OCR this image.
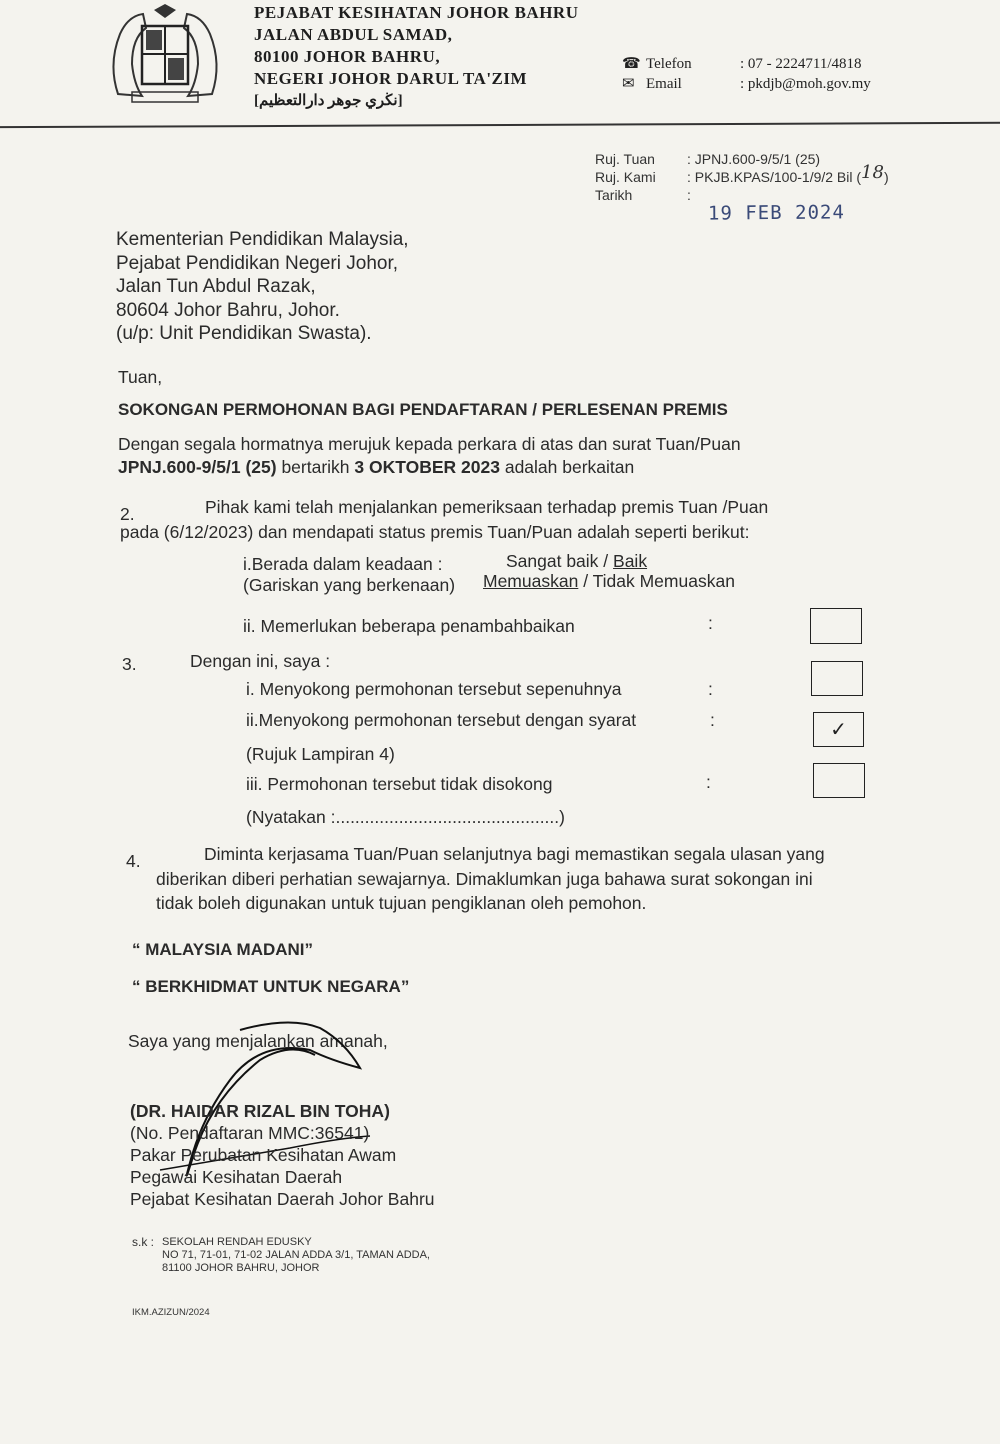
PEJABAT KESIHATAN JOHOR BAHRU
JALAN ABDUL SAMAD,
80100 JOHOR BAHRU,
NEGERI JOHOR DARUL TA'ZIM
[نڬري جوهر دارالتعظيم]
☎ Telefon	: 07 - 2224711/4818
✉ Email	: pkdjb@moh.gov.my
Ruj. Tuan	: JPNJ.600-9/5/1 (25)
Ruj. Kami	: PKJB.KPAS/100-1/9/2 Bil ( 18 )
Tarikh	:
19 FEB 2024
Kementerian Pendidikan Malaysia,
Pejabat Pendidikan Negeri Johor,
Jalan Tun Abdul Razak,
80604 Johor Bahru, Johor.
(u/p: Unit Pendidikan Swasta).
Tuan,
SOKONGAN PERMOHONAN BAGI PENDAFTARAN / PERLESENAN PREMIS
Dengan segala hormatnya merujuk kepada perkara di atas dan surat Tuan/Puan
JPNJ.600-9/5/1 (25) bertarikh 3 OKTOBER 2023 adalah berkaitan
2.	Pihak kami telah menjalankan pemeriksaan terhadap premis Tuan /Puan
pada (6/12/2023) dan mendapati status premis Tuan/Puan adalah seperti berikut:
i.Berada dalam keadaan :	Sangat baik / Baik
(Gariskan yang berkenaan) Memuaskan / Tidak Memuaskan
ii. Memerlukan beberapa penambahbaikan	:
3.	Dengan ini, saya :
i. Menyokong permohonan tersebut sepenuhnya	:
ii.Menyokong permohonan tersebut dengan syarat	:	✓
(Rujuk Lampiran 4)
iii. Permohonan tersebut tidak disokong	:
(Nyatakan :..............................................)
4.	Diminta kerjasama Tuan/Puan selanjutnya bagi memastikan segala ulasan yang
diberikan diberi perhatian sewajarnya. Dimaklumkan juga bahawa surat sokongan ini
tidak boleh digunakan untuk tujuan pengiklanan oleh pemohon.
“ MALAYSIA MADANI”
“ BERKHIDMAT UNTUK NEGARA”
Saya yang menjalankan amanah,
(DR. HAIDAR RIZAL BIN TOHA)
(No. Pendaftaran MMC:36541)
Pakar Perubatan Kesihatan Awam
Pegawai Kesihatan Daerah
Pejabat Kesihatan Daerah Johor Bahru
s.k : SEKOLAH RENDAH EDUSKY
NO 71, 71-01, 71-02 JALAN ADDA 3/1, TAMAN ADDA,
81100 JOHOR BAHRU, JOHOR
IKM.AZIZUN/2024
